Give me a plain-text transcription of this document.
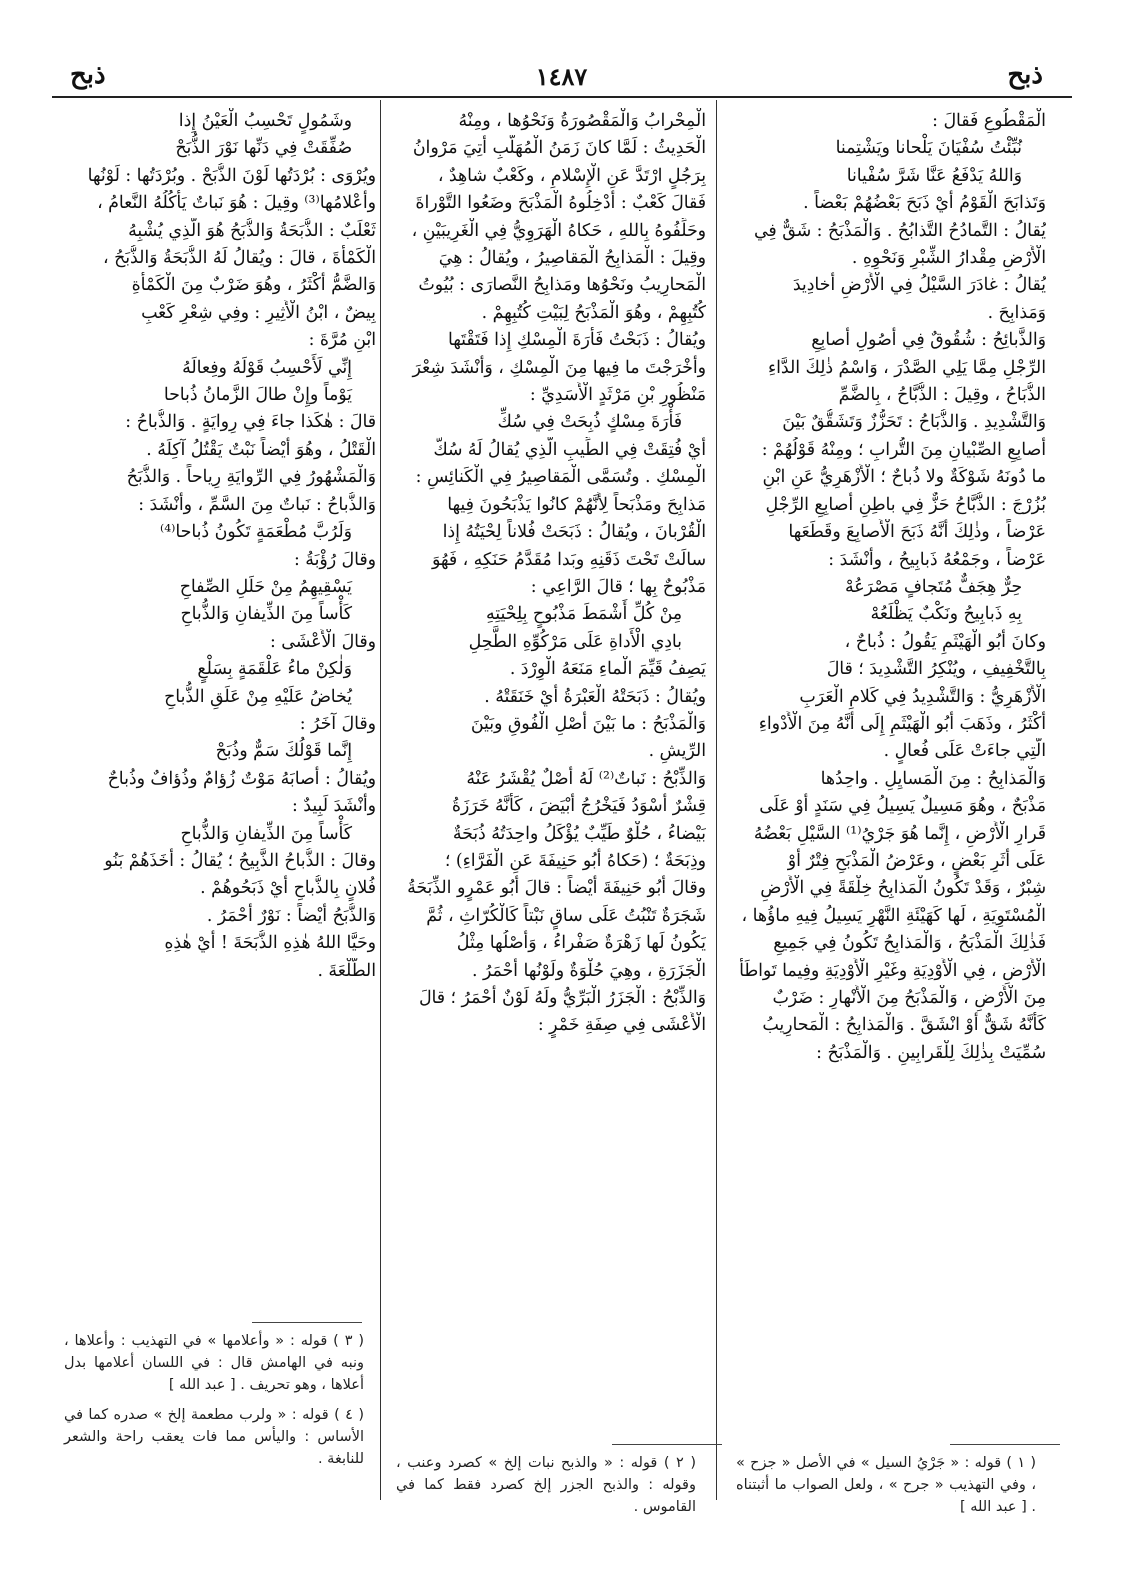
ذبح
١٤٨٧
ذبح
الْمَقْطُوعِ فَقالَ :
نُبِّئْتُ سُفْيَانَ يَلْحانا ويَشْتِمنا
وَاللهُ يَدْفَعُ عَنَّا شَرَّ سُفْيانا
وَتَذابَحَ الْقَوْمُ أَيْ ذَبَحَ بَعْضُهُمْ بَعْضاً .
يُقالُ : التَّمادُحُ التَّذابُحُ . وَالْمَذْبَحُ : شَقٌّ فِي
الْأَرْضِ مِقْدارُ الشِّبْرِ وَنَحْوِهِ .
يُقالُ : غادَرَ السَّيْلُ فِي الْأَرْضِ أَخادِيدَ
وَمَذابِحَ .
وَالذَّبائِحُ : شُقُوقٌ فِي أُصُولِ أَصابِعِ
الرِّجْلِ مِمَّا يَلِي الصَّدْرَ ، وَاسْمُ ذٰلِكَ الدَّاءِ
الذُّبَاحُ ، وقِيلَ : الذُّبَّاحُ ، بِالضَّمِّ
وَالتَّشْدِيدِ . وَالذُّبَاحُ : تَحَزُّزٌ وَتَشَقُّقٌ بَيْنَ
أَصابِعِ الصِّبْيانِ مِنَ التُّرابِ ؛ ومِنْهُ قَوْلُهُمْ :
ما دُونَهُ شَوْكَةٌ ولا ذُباحٌ ؛ الْأَزْهَرِيُّ عَنِ ابْنِ
بُزُرْجَ : الذُّبَّاحُ حَزٌّ فِي باطِنِ أَصابِعِ الرِّجْلِ
عَرْضاً ، وذٰلِكَ أَنَّهُ ذَبَحَ الْأَصابِعَ وقَطَعَها
عَرْضاً ، وجَمْعُهُ ذَبابِيحُ ، وأَنْشَدَ :
حِرٌّ هِجَفٌّ مُتَجافٍ مَصْرَعُهْ
بِهِ ذَبابِيحُ ونَكْبٌ يَظْلَعُهْ
وكانَ أَبُو الْهَيْثَمِ يَقُولُ : ذُباحٌ ،
بِالتَّخْفِيفِ ، ويُنْكِرُ التَّشْدِيدَ ؛ قالَ
الْأَزْهَرِيُّ : وَالتَّشْدِيدُ فِي كَلامِ الْعَرَبِ
أَكْثَرُ ، وذَهَبَ أَبُو الْهَيْثَمِ إِلَى أَنَّهُ مِنَ الْأَدْواءِ
الَّتِي جاءَتْ عَلَى فُعالٍ .
وَالْمَذابِحُ : مِنَ الْمَسايِلِ . واحِدُها
مَذْبَحٌ ، وهُوَ مَسِيلٌ يَسِيلُ فِي سَنَدٍ أَوْ عَلَى
قَرارِ الْأَرْضِ ، إِنَّما هُوَ جَرْيُ⁽¹⁾ السَّيْلِ بَعْضُهُ
عَلَى أَثَرِ بَعْضٍ ، وعَرْضُ الْمَذْبَحِ فِتْرٌ أَوْ
شِبْرٌ ، وَقَدْ تَكُونُ الْمَذابِحُ خِلْقَةً فِي الْأَرْضِ
الْمُسْتَوِيَةِ ، لَها كَهَيْئَةِ النَّهْرِ يَسِيلُ فِيهِ ماؤُها ،
فَذٰلِكَ الْمَذْبَحُ ، وَالْمَذابِحُ تَكُونُ فِي جَمِيعِ
الْأَرْضِ ، فِي الْأَوْدِيَةِ وغَيْرِ الْأَوْدِيَةِ وفِيما تَواطَأَ
مِنَ الْأَرْضِ ، وَالْمَذْبَحُ مِنَ الْأَنْهارِ : ضَرْبٌ
كَأَنَّهُ شَقٌّ أَوْ انْشَقَّ . وَالْمَذابِحُ : الْمَحارِيبُ
سُمِّيَتْ بِذٰلِكَ لِلْقَرابِينِ . وَالْمَذْبَحُ :
الْمِحْرابُ وَالْمَقْصُورَةُ وَنَحْوُها ، ومِنْهُ
الْحَدِيثُ : لَمَّا كانَ زَمَنُ الْمُهَلَّبِ أُتِيَ مَرْوانُ
بِرَجُلٍ ارْتَدَّ عَنِ الْإِسْلامِ ، وكَعْبٌ شاهِدٌ ،
فَقالَ كَعْبٌ : أَدْخِلُوهُ الْمَذْبَحَ وضَعُوا التَّوْراةَ
وحَلِّفُوهُ بِاللهِ ، حَكاهُ الْهَرَوِيُّ فِي الْغَرِيبَيْنِ ،
وقِيلَ : الْمَذابِحُ الْمَقاصِيرُ ، ويُقالُ : هِيَ
الْمَحارِيبُ ونَحْوُها ومَذابِحُ النَّصارَى : بُيُوتُ
كُتُبِهِمْ ، وهُوَ الْمَذْبَحُ لِبَيْتِ كُتُبِهِمْ .
ويُقالُ : ذَبَحْتُ فَأْرَةَ الْمِسْكِ إِذا فَتَقْتَها
وأَخْرَجْتَ ما فِيها مِنَ الْمِسْكِ ، وَأَنْشَدَ شِعْرَ
مَنْظُورِ بْنِ مَرْثَدٍ الْأَسَدِيِّ :
فَأْرَةَ مِسْكٍ ذُبِحَتْ فِي سُكِّ
أَيْ فُتِقَتْ فِي الطِّيبِ الَّذِي يُقالُ لَهُ سُكُّ
الْمِسْكِ . وتُسَمَّى الْمَقاصِيرُ فِي الْكَنائِسِ :
مَذابِحَ ومَذْبَحاً لِأَنَّهُمْ كانُوا يَذْبَحُونَ فِيها
الْقُرْبانَ ، ويُقالُ : ذَبَحَتْ فُلاناً لِحْيَتُهُ إِذا
سالَتْ تَحْتَ ذَقَنِهِ وبَدا مُقَدَّمُ حَنَكِهِ ، فَهُوَ
مَذْبُوحٌ بِها ؛ قالَ الرَّاعِي :
مِنْ كُلِّ أَشْمَطَ مَذْبُوحٍ بِلِحْيَتِهِ
بادِي الْأَداةِ عَلَى مَرْكُوِّهِ الطَّحِلِ
يَصِفُ قَيِّمَ الْماءِ مَنَعَهُ الْوِرْدَ .
ويُقالُ : ذَبَحَتْهُ الْعَبْرَةُ أَيْ خَنَقَتْهُ .
وَالْمَذْبَحُ : ما بَيْنَ أَصْلِ الْفُوقِ وبَيْنَ
الرِّيشِ .
وَالذِّبْحُ : نَباتٌ⁽²⁾ لَهُ أَصْلٌ يُقْشَرُ عَنْهُ
قِشْرٌ أَسْوَدُ فَيَخْرُجُ أَبْيَضَ ، كَأَنَّهُ خَرَزَةُ
بَيْضاءُ ، حُلْوٌ طَيِّبٌ يُؤْكَلُ واحِدَتُهُ ذُبَحَةٌ
وذِبَحَةٌ ؛ (حَكاهُ أَبُو حَنِيفَةَ عَنِ الْفَرَّاءِ) ؛
وقالَ أَبُو حَنِيفَةَ أَيْضاً : قالَ أَبُو عَمْرٍو الذِّبَحَةُ
شَجَرَةٌ تَنْبُتُ عَلَى ساقٍ نَبْتاً كَالْكُرّاثِ ، ثُمَّ
يَكُونُ لَها زَهْرَةٌ صَفْراءُ ، وَأَصْلُها مِثْلُ
الْجَزَرَةِ ، وهِيَ حُلْوَةٌ ولَوْنُها أَحْمَرُ .
وَالذِّبْحُ : الْجَزَرُ الْبَرِّيُّ ولَهُ لَوْنٌ أَحْمَرُ ؛ قالَ
الْأَعْشَى فِي صِفَةِ خَمْرٍ :
وشَمُولٍ تَحْسِبُ الْعَيْنُ إِذا
صُفِّقَتْ فِي دَنِّها نَوْرَ الذُّبَحْ
ويُرْوَى : بُرْدَتُها لَوْنَ الذُّبَحْ . وبُرْدَتُها : لَوْنُها
وأَعْلامُها⁽³⁾ وقِيلَ : هُوَ نَباتٌ يَأْكُلُهُ النَّعامُ ،
ثَعْلَبٌ : الذُّبَحَةُ وَالذُّبَحُ هُوَ الَّذِي يُشْبِهُ
الْكَمْأَةَ ، قالَ : ويُقالُ لَهُ الذُّبَحَةُ وَالذُّبَحُ ،
وَالضَّمُّ أَكْثَرُ ، وهُوَ ضَرْبٌ مِنَ الْكَمْأَةِ
بِيضٌ ، ابْنُ الْأَثِيرِ : وفِي شِعْرِ كَعْبِ
ابْنِ مُرَّةَ :
إِنِّي لَأَحْسِبُ قَوْلَهُ وفِعالَهُ
يَوْماً وإِنْ طالَ الزَّمانُ ذُباحا
قالَ : هٰكَذا جاءَ فِي رِوايَةٍ . وَالذُّباحُ :
الْقَتْلُ ، وهُوَ أَيْضاً نَبْتٌ يَقْتُلُ آكِلَهُ .
وَالْمَشْهُورُ فِي الرِّوايَةِ رِياحاً . وَالذُّبَحُ
وَالذُّباحُ : نَباتٌ مِنَ السَّمِّ ، وأَنْشَدَ :
وَلَرُبَّ مُطْعَمَةٍ تَكُونُ ذُباحا⁽⁴⁾
وقالَ رُؤْبَةُ :
يَسْقِيهِمُ مِنْ حَلَلِ الصِّفاحِ
كَأْساً مِنَ الذِّيفانِ وَالذُّباحِ
وقالَ الْأَعْشَى :
وَلٰكِنْ ماءُ عَلْقَمَةٍ بِسَلْعٍ
يُخاضُ عَلَيْهِ مِنْ عَلَقِ الذُّباحِ
وقالَ آخَرُ :
إِنَّما قَوْلُكَ سَمٌّ وذُبَحْ
ويُقالُ : أَصابَهُ مَوْتٌ زُؤامٌ وذُؤافٌ وذُباحٌ
وأَنْشَدَ لَبِيدٌ :
كَأْساً مِنَ الذِّيفانِ وَالذُّباحِ
وقالَ : الذُّباحُ الذَّبِيحُ ؛ يُقالُ : أَخَذَهُمْ بَنُو
فُلانٍ بِالذُّباحِ أَيْ ذَبَحُوهُمْ .
وَالذُّبَحُ أَيْضاً : نَوْرٌ أَحْمَرُ .
وحَيَّا اللهُ هٰذِهِ الذُّبَحَةَ ! أَيْ هٰذِهِ
الطَّلْعَةَ .
( ١ ) قوله : « جَرْيُ السيل » في الأصل « جزح » ، وفي التهذيب « جرح » ، ولعل الصواب ما أثبتناه . [ عبد الله ]
( ٢ ) قوله : « والذبح نبات إلخ » كصرد وعنب ، وقوله : والذبح الجزر إلخ كصرد فقط كما في القاموس .
( ٣ ) قوله : « وأعلامها » في التهذيب : وأعلاها ، ونبه في الهامش قال : في اللسان أعلامها بدل أعلاها ، وهو تحريف . [ عبد الله ]
( ٤ ) قوله : « ولرب مطعمة إلخ » صدره كما في الأساس : واليأس مما فات يعقب راحة والشعر للنابغة .
